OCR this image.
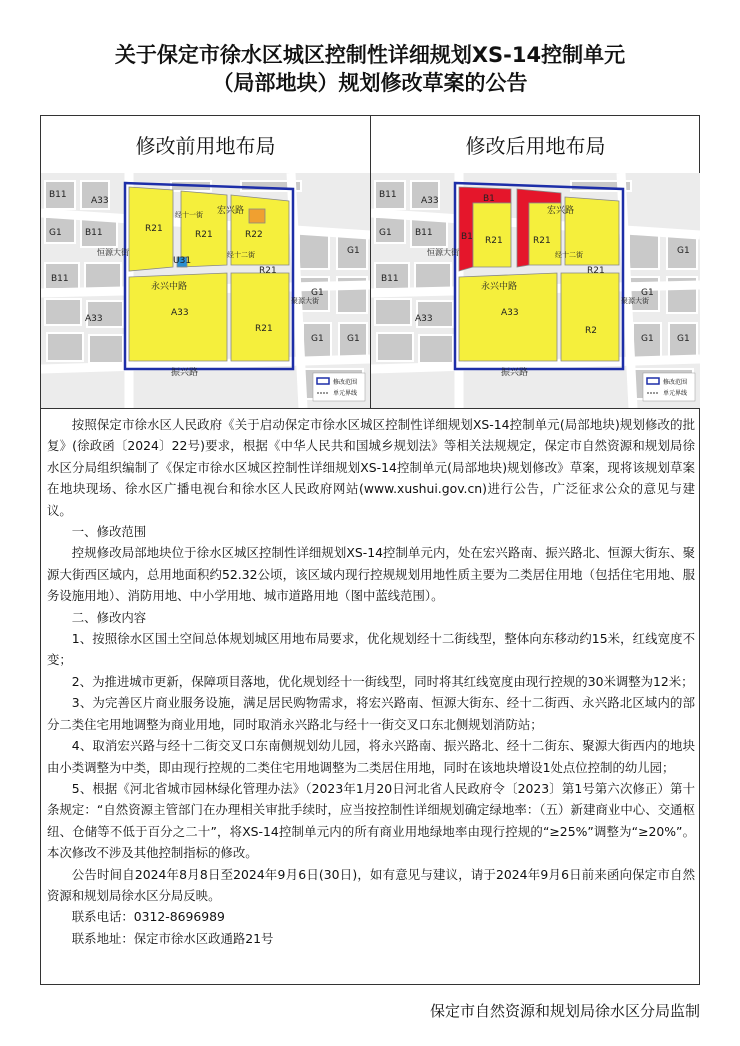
关于保定市徐水区城区控制性详细规划XS-14控制单元
（局部地块）规划修改草案的公告
修改前用地布局	修改后用地布局
B11
B11
A33
G1	R21
R21	R22
U31
R21
A33
R21
G1
B11
G1
A33
G1
G1
宏兴路
经十一街
经十二街
恒源大街
永兴中路
振兴路
聚源大街
修改范围
单元界线
B11
B11
A33
G1
B1
B1 R21	R21
R21
A33
R2
G1
B11
G1
A33
G1
G1
宏兴路
经十二街
恒源大街
永兴中路
振兴路
聚源大街
修改范围
单元界线

按照保定市徐水区人民政府《关于启动保定市徐水区城区控制性详细规划XS-14控制单元(局部地块)规划修改的批复》(徐政函〔2024〕22号)要求，根据《中华人民共和国城乡规划法》等相关法规规定，保定市自然资源和规划局徐水区分局组织编制了《保定市徐水区城区控制性详细规划XS-14控制单元(局部地块)规划修改》草案，现将该规划草案在地块现场、徐水区广播电视台和徐水区人民政府网站(www.xushui.gov.cn)进行公告，广泛征求公众的意见与建议。

一、修改范围

控规修改局部地块位于徐水区城区控制性详细规划XS-14控制单元内，处在宏兴路南、振兴路北、恒源大街东、聚源大街西区域内，总用地面积约52.32公顷，该区域内现行控规规划用地性质主要为二类居住用地（包括住宅用地、服务设施用地）、消防用地、中小学用地、城市道路用地（图中蓝线范围）。

二、修改内容

1、按照徐水区国土空间总体规划城区用地布局要求，优化规划经十二街线型，整体向东移动约15米，红线宽度不变；

2、为推进城市更新，保障项目落地，优化规划经十一街线型，同时将其红线宽度由现行控规的30米调整为12米；

3、为完善区片商业服务设施，满足居民购物需求，将宏兴路南、恒源大街东、经十二街西、永兴路北区域内的部分二类住宅用地调整为商业用地，同时取消永兴路北与经十一街交叉口东北侧规划消防站；

4、取消宏兴路与经十二街交叉口东南侧规划幼儿园，将永兴路南、振兴路北、经十二街东、聚源大街西内的地块由小类调整为中类，即由现行控规的二类住宅用地调整为二类居住用地，同时在该地块增设1处点位控制的幼儿园；

5、根据《河北省城市园林绿化管理办法》（2023年1月20日河北省人民政府令〔2023〕第1号第六次修正）第十条规定：“自然资源主管部门在办理相关审批手续时，应当按控制性详细规划确定绿地率：（五）新建商业中心、交通枢纽、仓储等不低于百分之二十”，将XS-14控制单元内的所有商业用地绿地率由现行控规的“≥25%”调整为“≥20%”。本次修改不涉及其他控制指标的修改。

公告时间自2024年8月8日至2024年9月6日(30日)，如有意见与建议，请于2024年9月6日前来函向保定市自然资源和规划局徐水区分局反映。

联系电话：0312-8696989

联系地址：保定市徐水区政通路21号

保定市自然资源和规划局徐水区分局监制
